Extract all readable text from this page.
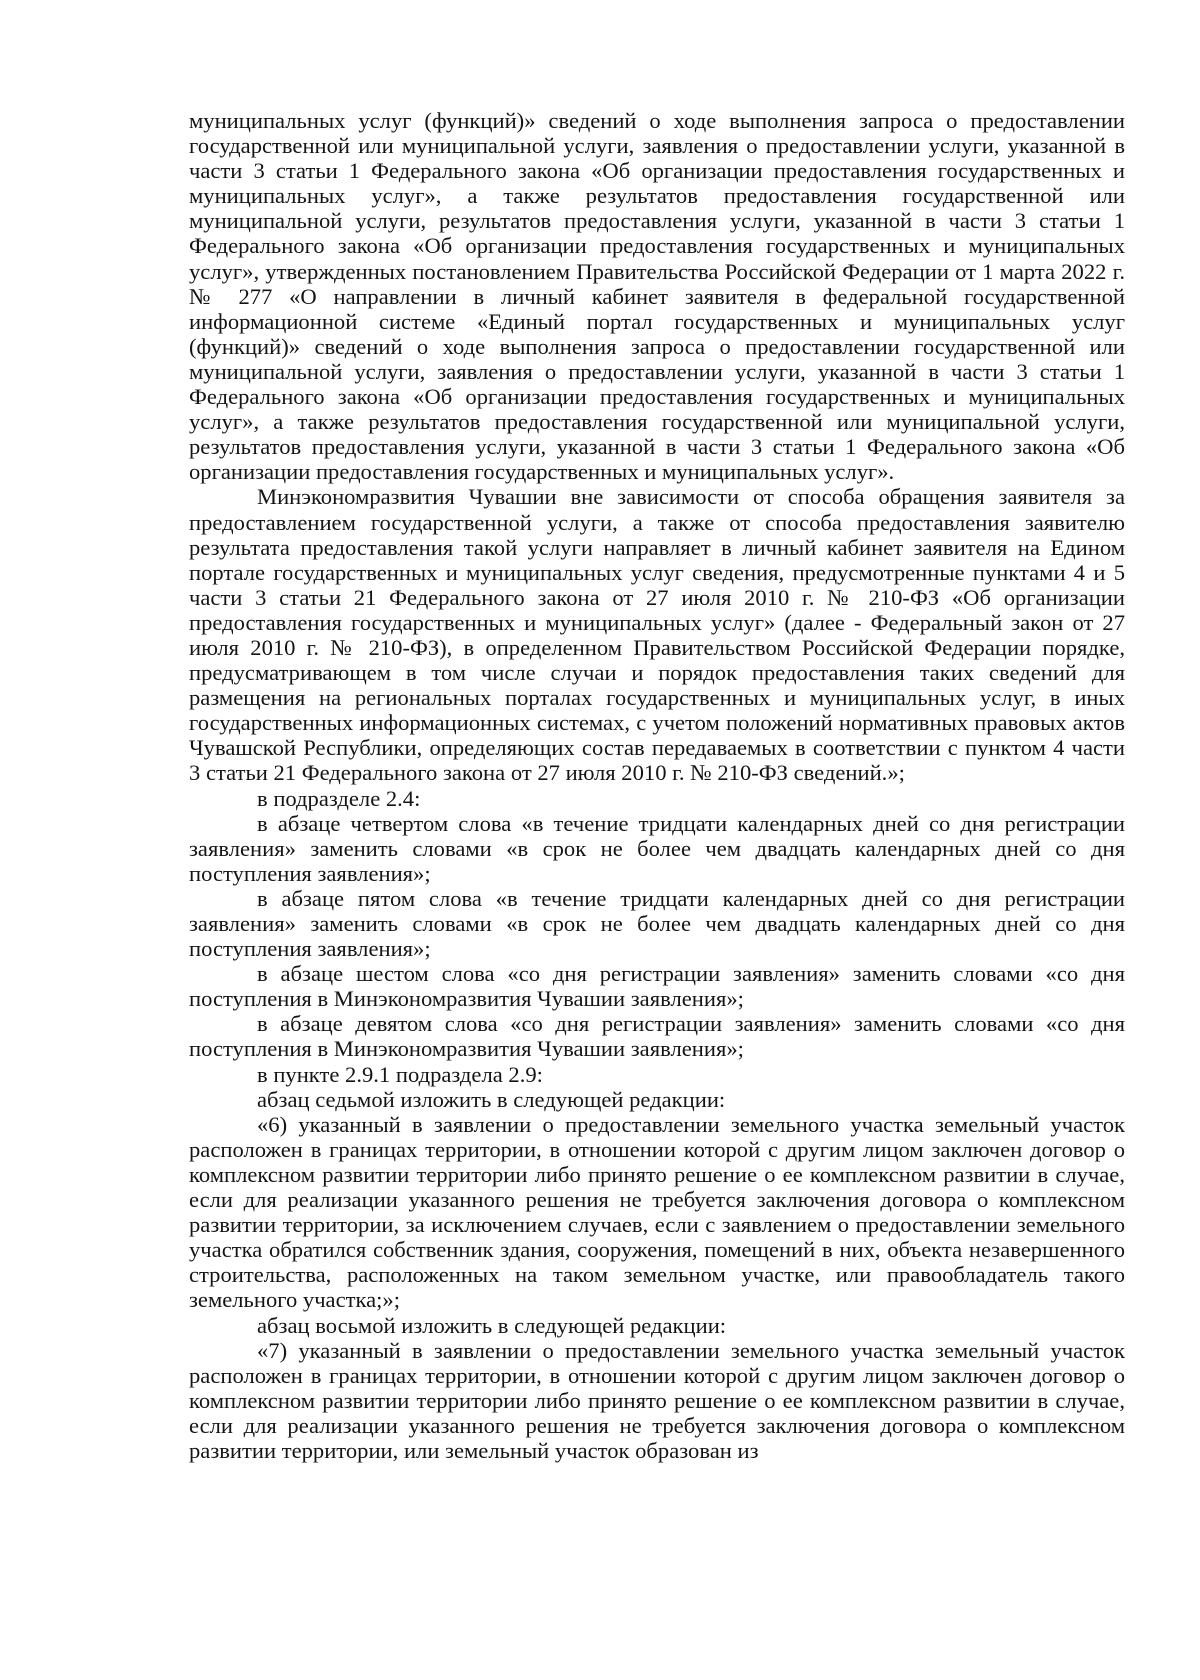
муниципальных услуг (функций)» сведений о ходе выполнения запроса о предоставлении государственной или муниципальной услуги, заявления о предоставлении услуги, указанной в части 3 статьи 1 Федерального закона «Об организации предоставления государственных и муниципальных услуг», а также результатов предоставления государственной или муниципальной услуги, результатов предоставления услуги, указанной в части 3 статьи 1 Федерального закона «Об организации предоставления государственных и муниципальных услуг», утвержденных постановлением Правительства Российской Федерации от 1 марта 2022 г. № 277 «О направлении в личный кабинет заявителя в федеральной государственной информационной системе «Единый портал государственных и муниципальных услуг (функций)» сведений о ходе выполнения запроса о предоставлении государственной или муниципальной услуги, заявления о предоставлении услуги, указанной в части 3 статьи 1 Федерального закона «Об организации предоставления государственных и муниципальных услуг», а также результатов предоставления государственной или муниципальной услуги, результатов предоставления услуги, указанной в части 3 статьи 1 Федерального закона «Об организации предоставления государственных и муниципальных услуг».

Минэкономразвития Чувашии вне зависимости от способа обращения заявителя за предоставлением государственной услуги, а также от способа предоставления заявителю результата предоставления такой услуги направляет в личный кабинет заявителя на Едином портале государственных и муниципальных услуг сведения, предусмотренные пунктами 4 и 5 части 3 статьи 21 Федерального закона от 27 июля 2010 г. № 210-ФЗ «Об организации предоставления государственных и муниципальных услуг» (далее - Федеральный закон от 27 июля 2010 г. № 210-ФЗ), в определенном Правительством Российской Федерации порядке, предусматривающем в том числе случаи и порядок предоставления таких сведений для размещения на региональных порталах государственных и муниципальных услуг, в иных государственных информационных системах, с учетом положений нормативных правовых актов Чувашской Республики, определяющих состав передаваемых в соответствии с пунктом 4 части 3 статьи 21 Федерального закона от 27 июля 2010 г. № 210-ФЗ сведений.»;

в подразделе 2.4:

в абзаце четвертом слова «в течение тридцати календарных дней со дня регистрации заявления» заменить словами «в срок не более чем двадцать календарных дней со дня поступления заявления»;

в абзаце пятом слова «в течение тридцати календарных дней со дня регистрации заявления» заменить словами «в срок не более чем двадцать календарных дней со дня поступления заявления»;

в абзаце шестом слова «со дня регистрации заявления» заменить словами «со дня поступления в Минэкономразвития Чувашии заявления»;

в абзаце девятом слова «со дня регистрации заявления» заменить словами «со дня поступления в Минэкономразвития Чувашии заявления»;

в пункте 2.9.1 подраздела 2.9:

абзац седьмой изложить в следующей редакции:

«6) указанный в заявлении о предоставлении земельного участка земельный участок расположен в границах территории, в отношении которой с другим лицом заключен договор о комплексном развитии территории либо принято решение о ее комплексном развитии в случае, если для реализации указанного решения не требуется заключения договора о комплексном развитии территории, за исключением случаев, если с заявлением о предоставлении земельного участка обратился собственник здания, сооружения, помещений в них, объекта незавершенного строительства, расположенных на таком земельном участке, или правообладатель такого земельного участка;»;

абзац восьмой изложить в следующей редакции:

«7) указанный в заявлении о предоставлении земельного участка земельный участок расположен в границах территории, в отношении которой с другим лицом заключен договор о комплексном развитии территории либо принято решение о ее комплексном развитии в случае, если для реализации указанного решения не требуется заключения договора о комплексном развитии территории, или земельный участок образован из
